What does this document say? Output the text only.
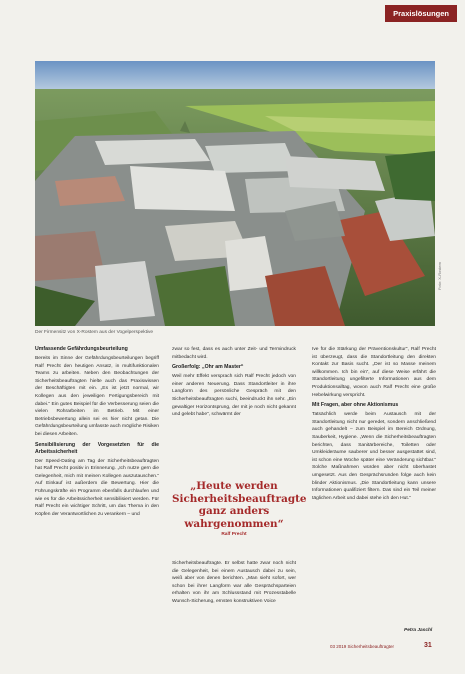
Praxislösungen
Foto: X-Rostem
Der Firmensitz von X-Rostem aus der Vogelperspektive
Umfassende Gefährdungsbeurteilung

Bereits im Sinne der Gefährdungsbeurteilungen begriff Ralf Precht den heutigen Ansatz, in multifunktionalen Teams zu arbeiten. Neben den Beobachtungen der Sicherheitsbeauftragten hielte auch das Praxiswissen der Beschäftigten mit ein. „Es ist jetzt normal, wir Kollegen aus den jeweiligen Fertigungsbereich mit dabei.“ Ein gutes Beispiel für die Verbesserung seien die vielen Rohrarbeiten im Betrieb. Mit einer Betriebsbewertung allein sei es hier nicht getan. Die Gefährdungsbeurteilung umfasste auch mögliche Risiken bei diesen Arbeiten.

Sensibilisierung der Vorgesetzten für die Arbeitssicherheit

Der Speed-Dating am Tag der Sicherheitsbeauftragten hat Ralf Precht positiv in Erinnerung. „Ich nutze gern die Gelegenheit, mich mit meinen Kollegen auszutauschen.“ Auf Einkauf ist außerdem die Bewertung. Hier die Führungskräfte ein Programm ebenfalls durchlaufen und wie es für die Arbeitssicherheit sensibilisiert werden. Für Ralf Precht ein wichtiger Schritt, um das Thema in den Köpfen der Verantwortlichen zu verankern – und

zwar so fest, dass es auch unter Zeit- und Termindruck mitbedacht wird.

Großerfolg: „Ohr am Master“

Weil mehr Effekt versprach sich Ralf Precht jedoch von einer anderen Neuerung. Dass Standortleiter in ihre Langform des persönliche Gespräch mit den Sicherheitsbeauftragten suchi, beeindruckt ihn sehr. „Ein gewaltiger Horizontsprung, der mit je noch nicht gekannt und gelebt habe“, schwärmt der

„Heute werden Sicherheitsbeauftragte ganz anders wahrgenommen“
Ralf Precht

Sicherheitsbeauftragte. Er selbst hatte zwar noch nicht die Gelegenheit, bei einem Austausch dabei zu sein, weiß aber von denen berichten. „Man sieht sofort, wer schon bei ihrer Langform war alle Gesprächsparteien erhalten von ihr am Schlussstand mit Prozesstabelle Wunsch-Sicherung, ernsten konstruktiven Voice

Ive für die Stärkung der Präventionskultur“, Ralf Precht ist überzeugt, dass die Standortleitung den direkten Kontakt zur Basis sucht. „Der ist so Masse meinem willkommen. Ich bin ein“, auf diese Weise erfährt die Standortleitung ungefilterte Informationen aus dem Produktionsalltag, wovon auch Ralf Precht eine große Hebelwirkung verspricht.

Mit Fragen, aber ohne Aktionismus

Tatsächlich werde beim Austausch mit der Standortleitung nicht nur geredet, sondern anschließend auch gehandelt – zum Beispiel im Bereich Ordnung, Sauberkeit, Hygiene. „Wenn die Sicherheitsbeauftragten berichten, dass Sanitärbereiche, Toiletten oder Umkleideräume sauberer und besser ausgestattet sind, ist schon eine Woche später eine Veränderung sichtbar.“ Solche Maßnahmen würden aber nicht überhastet umgesetzt. Aus den Gesprächsrunden folge auch kein blinder Aktionismus. „Die Standortleitung kann unsere Informationen qualifiziert filtern. Das sind ein Teil meiner täglichen Arbeit und dabei stehe ich den Hut.“

Petra Jaschl
03 2019 Sicherheitsbeauftragter	31
